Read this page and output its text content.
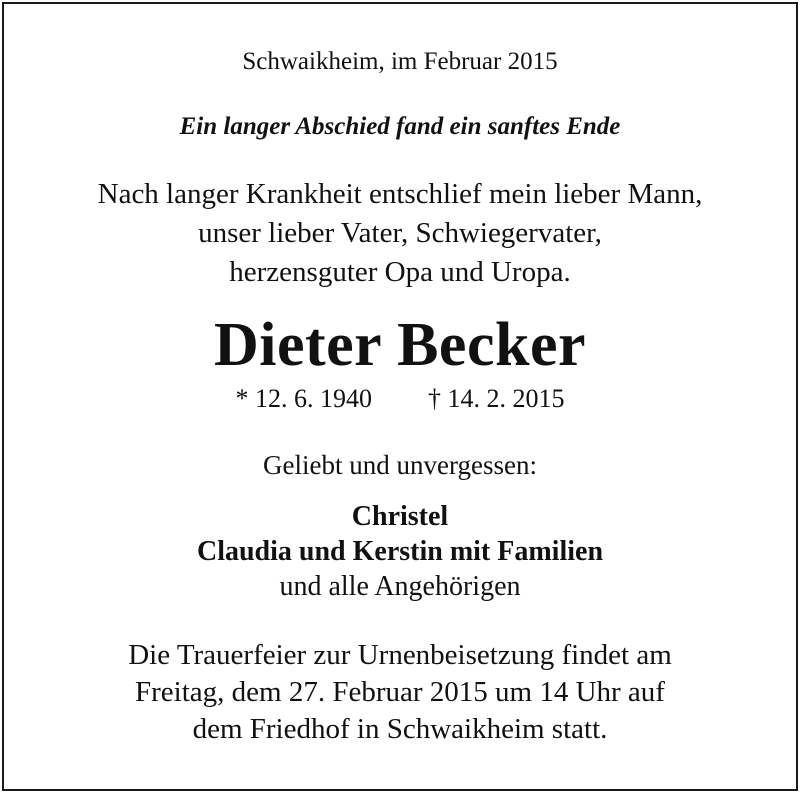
Schwaikheim, im Februar 2015
Ein langer Abschied fand ein sanftes Ende
Nach langer Krankheit entschlief mein lieber Mann,
unser lieber Vater, Schwiegervater,
herzensguter Opa und Uropa.
Dieter Becker
* 12. 6. 1940 † 14. 2. 2015
Geliebt und unvergessen:
Christel
Claudia und Kerstin mit Familien
und alle Angehörigen
Die Trauerfeier zur Urnenbeisetzung findet am
Freitag, dem 27. Februar 2015 um 14 Uhr auf
dem Friedhof in Schwaikheim statt.
